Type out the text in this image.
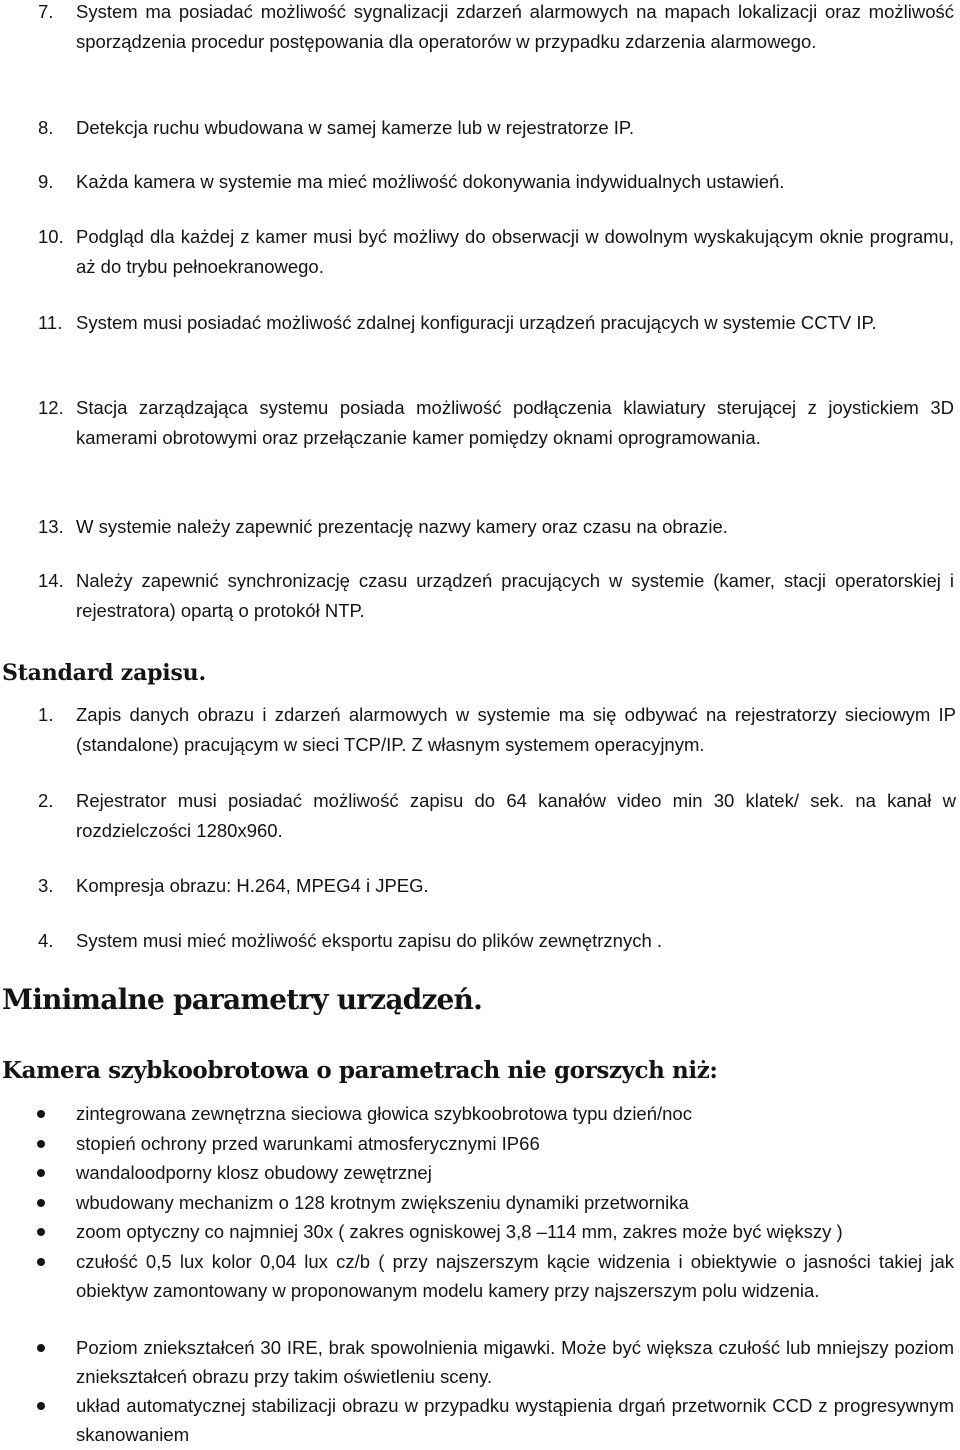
7. System ma posiadać możliwość sygnalizacji zdarzeń alarmowych na mapach lokalizacji oraz możliwość sporządzenia procedur postępowania dla operatorów w przypadku zdarzenia alarmowego.
8. Detekcja ruchu wbudowana w samej kamerze lub w rejestratorze IP.
9. Każda kamera w systemie ma mieć możliwość dokonywania indywidualnych ustawień.
10. Podgląd dla każdej z kamer musi być możliwy do obserwacji w dowolnym wyskakującym oknie programu, aż do trybu pełnoekranowego.
11. System musi posiadać możliwość zdalnej konfiguracji urządzeń pracujących w systemie CCTV IP.
12. Stacja zarządzająca systemu posiada możliwość podłączenia klawiatury sterującej z joystickiem 3D kamerami obrotowymi oraz przełączanie kamer pomiędzy oknami oprogramowania.
13. W systemie należy zapewnić prezentację nazwy kamery oraz czasu na obrazie.
14. Należy zapewnić synchronizację czasu urządzeń pracujących w systemie (kamer, stacji operatorskiej i rejestratora) opartą o protokół NTP.
Standard zapisu.
1. Zapis danych obrazu i zdarzeń alarmowych w systemie ma się odbywać na rejestratorzy sieciowym IP (standalone) pracującym w sieci TCP/IP. Z własnym systemem operacyjnym.
2. Rejestrator musi posiadać możliwość zapisu do 64 kanałów video min 30 klatek/ sek. na kanał w rozdzielczości 1280x960.
3. Kompresja obrazu: H.264, MPEG4 i JPEG.
4. System musi mieć możliwość eksportu zapisu do plików zewnętrznych .
Minimalne parametry urządzeń.
Kamera szybkoobrotowa o parametrach nie gorszych niż:
zintegrowana zewnętrzna sieciowa głowica szybkoobrotowa typu dzień/noc
stopień ochrony przed warunkami atmosferycznymi IP66
wandaloodporny klosz obudowy zewętrznej
wbudowany mechanizm o 128 krotnym zwiększeniu dynamiki przetwornika
zoom optyczny co najmniej 30x ( zakres ogniskowej 3,8 –114 mm, zakres może być większy )
czułość 0,5 lux kolor 0,04 lux cz/b ( przy najszerszym kącie widzenia i obiektywie o jasności takiej jak obiektyw zamontowany w proponowanym modelu kamery przy najszerszym polu widzenia.
Poziom zniekształceń 30 IRE, brak spowolnienia migawki. Może być większa czułość lub mniejszy poziom zniekształceń obrazu przy takim oświetleniu sceny.
układ automatycznej stabilizacji obrazu w przypadku wystąpienia drgań przetwornik CCD z progresywnym skanowaniem
